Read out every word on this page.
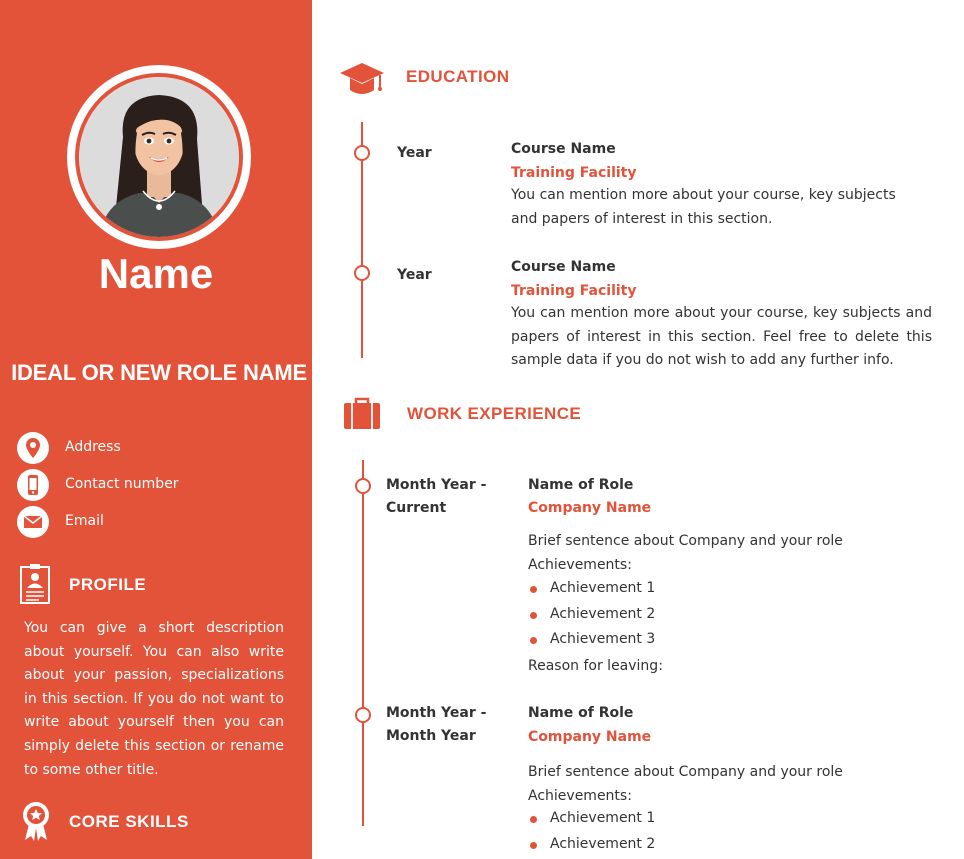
Name
IDEAL OR NEW ROLE NAME
Address
Contact number
Email
PROFILE
You can give a short description about yourself. You can also write about your passion, specializations in this section. If you do not want to write about yourself then you can simply delete this section or rename to some other title.
CORE SKILLS
EDUCATION
Year	Course Name
Training Facility
You can mention more about your course, key subjects and papers of interest in this section.
Year	Course Name
Training Facility
You can mention more about your course, key subjects and papers of interest in this section. Feel free to delete this sample data if you do not wish to add any further info.
WORK EXPERIENCE
Month Year -
Current
Name of Role
Company Name
Brief sentence about Company and your role
Achievements:
Achievement 1
Achievement 2
Achievement 3
Reason for leaving:
Month Year -
Month Year
Name of Role
Company Name
Brief sentence about Company and your role
Achievements:
Achievement 1
Achievement 2
